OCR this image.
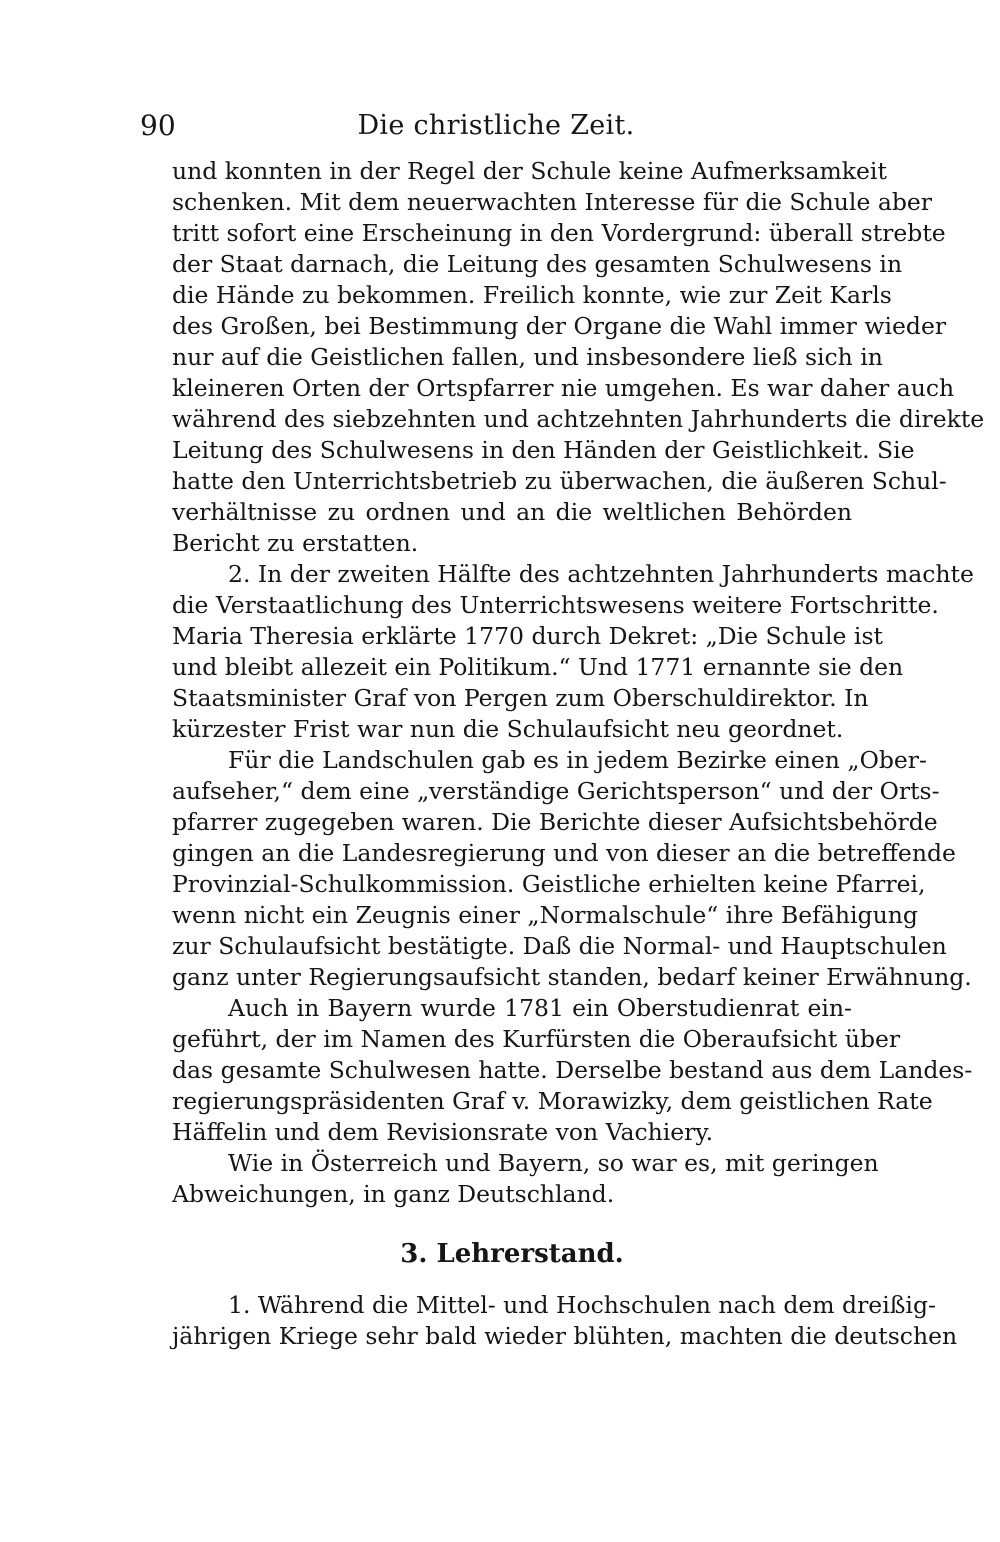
90	Die christliche Zeit.
und konnten in der Regel der Schule keine Aufmerksamkeit
schenken. Mit dem neuerwachten Interesse für die Schule aber
tritt sofort eine Erscheinung in den Vordergrund: überall strebte
der Staat darnach, die Leitung des gesamten Schulwesens in
die Hände zu bekommen. Freilich konnte, wie zur Zeit Karls
des Großen, bei Bestimmung der Organe die Wahl immer wieder
nur auf die Geistlichen fallen, und insbesondere ließ sich in
kleineren Orten der Ortspfarrer nie umgehen. Es war daher auch
während des siebzehnten und achtzehnten Jahrhunderts die direkte
Leitung des Schulwesens in den Händen der Geistlichkeit. Sie
hatte den Unterrichtsbetrieb zu überwachen, die äußeren Schul-
verhältnisse zu ordnen und an die weltlichen Behörden
Bericht zu erstatten.
2. In der zweiten Hälfte des achtzehnten Jahrhunderts machte
die Verstaatlichung des Unterrichtswesens weitere Fortschritte.
Maria Theresia erklärte 1770 durch Dekret: „Die Schule ist
und bleibt allezeit ein Politikum.“ Und 1771 ernannte sie den
Staatsminister Graf von Pergen zum Oberschuldirektor. In
kürzester Frist war nun die Schulaufsicht neu geordnet.
Für die Landschulen gab es in jedem Bezirke einen „Ober-
aufseher,“ dem eine „verständige Gerichtsperson“ und der Orts-
pfarrer zugegeben waren. Die Berichte dieser Aufsichtsbehörde
gingen an die Landesregierung und von dieser an die betreffende
Provinzial-Schulkommission. Geistliche erhielten keine Pfarrei,
wenn nicht ein Zeugnis einer „Normalschule“ ihre Befähigung
zur Schulaufsicht bestätigte. Daß die Normal- und Hauptschulen
ganz unter Regierungsaufsicht standen, bedarf keiner Erwähnung.
Auch in Bayern wurde 1781 ein Oberstudienrat ein-
geführt, der im Namen des Kurfürsten die Oberaufsicht über
das gesamte Schulwesen hatte. Derselbe bestand aus dem Landes-
regierungspräsidenten Graf v. Morawizky, dem geistlichen Rate
Häffelin und dem Revisionsrate von Vachiery.
Wie in Österreich und Bayern, so war es, mit geringen
Abweichungen, in ganz Deutschland.
3. Lehrerstand.
1. Während die Mittel- und Hochschulen nach dem dreißig-
jährigen Kriege sehr bald wieder blühten, machten die deutschen
